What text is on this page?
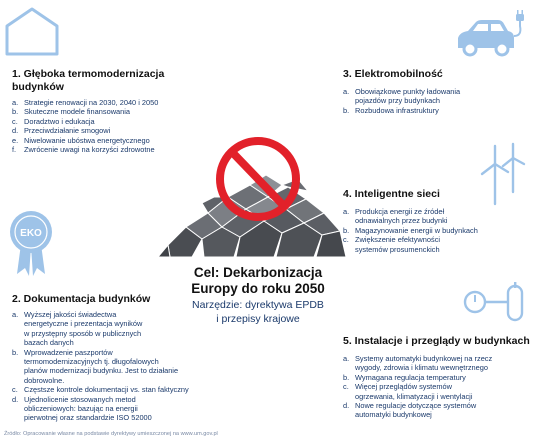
EKO
1. Głęboka termomodernizacja budynków
a. Strategie renowacji na 2030, 2040 i 2050
b. Skuteczne modele finansowania
c. Doradztwo i edukacja
d. Przeciwdziałanie smogowi
e. Niwelowanie ubóstwa energetycznego
f.	Zwrócenie uwagi na korzyści zdrowotne
2. Dokumentacja budynków
a. Wyższej jakości świadectwa energetyczne i prezentacja wyników w przystępny sposób w publicznych bazach danych
b. Wprowadzenie paszportów termomodernizacyjnych tj. długofalowych planów modernizacji budynku. Jest to działanie dobrowolne.
c. Częstsze kontrole dokumentacji vs. stan faktyczny
d. Ujednolicenie stosowanych metod obliczeniowych: bazując na energii pierwotnej oraz standardzie ISO 52000
3. Elektromobilność
a. Obowiązkowe punkty ładowania pojazdów przy budynkach
b. Rozbudowa infrastruktury
4. Inteligentne sieci
a. Produkcja energii ze źródeł odnawialnych przez budynki
b. Magazynowanie energii w budynkach
c. Zwiększenie efektywności systemów prosumenckich
5. Instalacje i przeglądy w budynkach
a. Systemy automatyki budynkowej na rzecz wygody, zdrowia i klimatu wewnętrznego
b. Wymagana regulacja temperatury
c. Więcej przeglądów systemów ogrzewania, klimatyzacji i wentylacji
d. Nowe regulacje dotyczące systemów automatyki budynkowej
Cel: Dekarbonizacja
Europy do roku 2050
Narzędzie: dyrektywa EPDB
i przepisy krajowe
Źródło: Opracowanie własne na podstawie dyrektywy umieszczonej na www.um.gov.pl
